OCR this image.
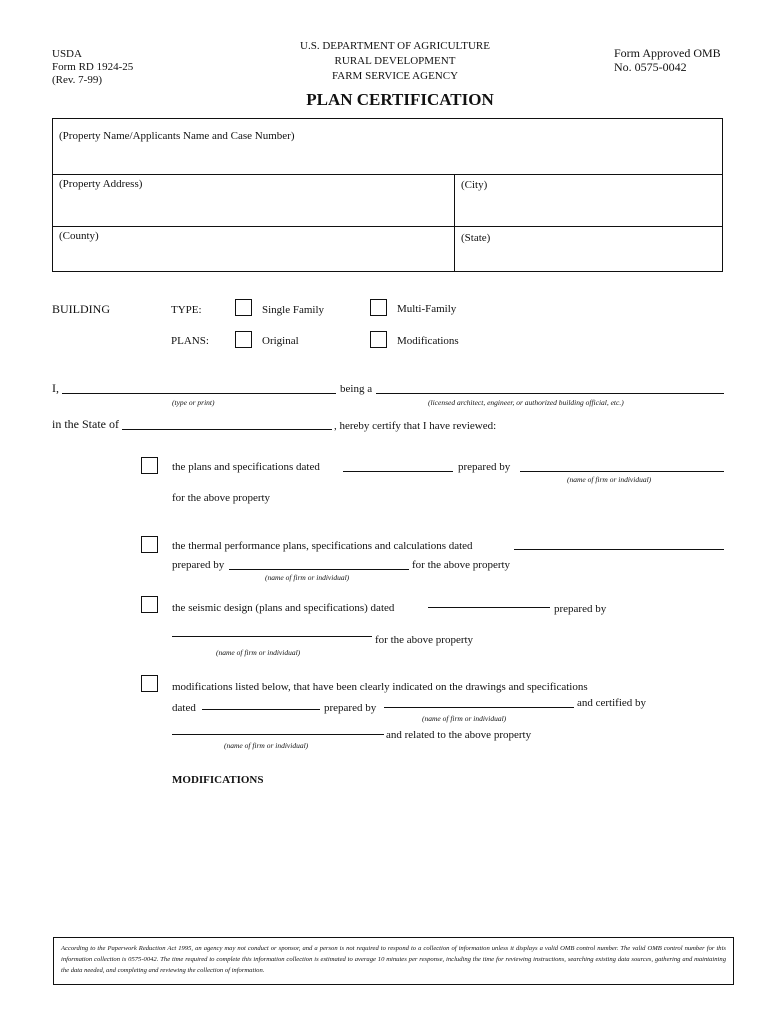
USDA
Form RD 1924-25
(Rev. 7-99)
U.S. DEPARTMENT OF AGRICULTURE
RURAL DEVELOPMENT
FARM SERVICE AGENCY
Form Approved OMB
No. 0575-0042
PLAN CERTIFICATION
(Property Name/Applicants Name and Case Number)
(Property Address)	(City)
(County)	(State)
BUILDING	TYPE:	Single Family	Multi-Family
PLANS:	Original	Modifications
I,	being a
(type or print)	(licensed architect, engineer, or authorized building official, etc.)
in the State of	, hereby certify that I have reviewed:
the plans and specifications dated	prepared by
(name of firm or individual)
for the above property
the thermal performance plans, specifications and calculations dated
prepared by	for the above property
(name of firm or individual)
the seismic design (plans and specifications) dated	prepared by
for the above property
(name of firm or individual)
modifications listed below, that have been clearly indicated on the drawings and specifications
dated	prepared by	and certified by
(name of firm or individual)
and related to the above property
(name of firm or individual)
MODIFICATIONS
According to the Paperwork Reduction Act 1995, an agency may not conduct or sponsor, and a person is not required to respond to a collection of information unless it displays a valid OMB control number. The valid OMB control number for this information collection is 0575-0042. The time required to complete this information collection is estimated to average 10 minutes per response, including the time for reviewing instructions, searching existing data sources, gathering and maintaining the data needed, and completing and reviewing the collection of information.
